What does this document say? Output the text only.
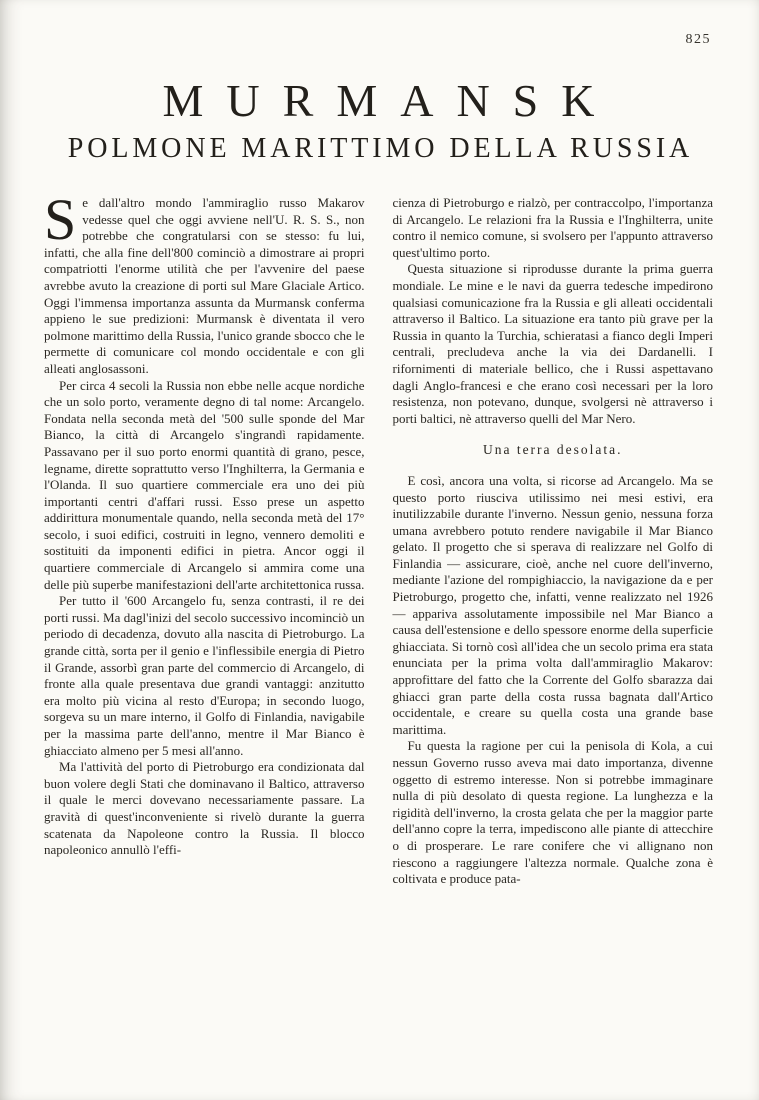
825
MURMANSK
POLMONE MARITTIMO DELLA RUSSIA

Se dall'altro mondo l'ammiraglio russo Makarov vedesse quel che oggi avviene nell'U. R. S. S., non potrebbe che congratularsi con se stesso: fu lui, infatti, che alla fine dell'800 cominciò a dimostrare ai propri compatriotti l'enorme utilità che per l'avvenire del paese avrebbe avuto la creazione di porti sul Mare Glaciale Artico. Oggi l'immensa importanza assunta da Murmansk conferma appieno le sue predizioni: Murmansk è diventata il vero polmone marittimo della Russia, l'unico grande sbocco che le permette di comunicare col mondo occidentale e con gli alleati anglosassoni.

Per circa 4 secoli la Russia non ebbe nelle acque nordiche che un solo porto, veramente degno di tal nome: Arcangelo. Fondata nella seconda metà del '500 sulle sponde del Mar Bianco, la città di Arcangelo s'ingrandì rapidamente. Passavano per il suo porto enormi quantità di grano, pesce, legname, dirette soprattutto verso l'Inghilterra, la Germania e l'Olanda. Il suo quartiere commerciale era uno dei più importanti centri d'affari russi. Esso prese un aspetto addirittura monumentale quando, nella seconda metà del 17° secolo, i suoi edifici, costruiti in legno, vennero demoliti e sostituiti da imponenti edifici in pietra. Ancor oggi il quartiere commerciale di Arcangelo si ammira come una delle più superbe manifestazioni dell'arte architettonica russa.

Per tutto il '600 Arcangelo fu, senza contrasti, il re dei porti russi. Ma dagl'inizi del secolo successivo incominciò un periodo di decadenza, dovuto alla nascita di Pietroburgo. La grande città, sorta per il genio e l'inflessibile energia di Pietro il Grande, assorbì gran parte del commercio di Arcangelo, di fronte alla quale presentava due grandi vantaggi: anzitutto era molto più vicina al resto d'Europa; in secondo luogo, sorgeva su un mare interno, il Golfo di Finlandia, navigabile per la massima parte dell'anno, mentre il Mar Bianco è ghiacciato almeno per 5 mesi all'anno.

Ma l'attività del porto di Pietroburgo era condizionata dal buon volere degli Stati che dominavano il Baltico, attraverso il quale le merci dovevano necessariamente passare. La gravità di quest'inconveniente si rivelò durante la guerra scatenata da Napoleone contro la Russia. Il blocco napoleonico annullò l'effi-

cienza di Pietroburgo e rialzò, per contraccolpo, l'importanza di Arcangelo. Le relazioni fra la Russia e l'Inghilterra, unite contro il nemico comune, si svolsero per l'appunto attraverso quest'ultimo porto.

Questa situazione si riprodusse durante la prima guerra mondiale. Le mine e le navi da guerra tedesche impedirono qualsiasi comunicazione fra la Russia e gli alleati occidentali attraverso il Baltico. La situazione era tanto più grave per la Russia in quanto la Turchia, schieratasi a fianco degli Imperi centrali, precludeva anche la via dei Dardanelli. I rifornimenti di materiale bellico, che i Russi aspettavano dagli Anglo-francesi e che erano così necessari per la loro resistenza, non potevano, dunque, svolgersi nè attraverso i porti baltici, nè attraverso quelli del Mar Nero.

Una terra desolata.

E così, ancora una volta, si ricorse ad Arcangelo. Ma se questo porto riusciva utilissimo nei mesi estivi, era inutilizzabile durante l'inverno. Nessun genio, nessuna forza umana avrebbero potuto rendere navigabile il Mar Bianco gelato. Il progetto che si sperava di realizzare nel Golfo di Finlandia — assicurare, cioè, anche nel cuore dell'inverno, mediante l'azione del rompighiaccio, la navigazione da e per Pietroburgo, progetto che, infatti, venne realizzato nel 1926 — appariva assolutamente impossibile nel Mar Bianco a causa dell'estensione e dello spessore enorme della superficie ghiacciata. Si tornò così all'idea che un secolo prima era stata enunciata per la prima volta dall'ammiraglio Makarov: approfittare del fatto che la Corrente del Golfo sbarazza dai ghiacci gran parte della costa russa bagnata dall'Artico occidentale, e creare su quella costa una grande base marittima.

Fu questa la ragione per cui la penisola di Kola, a cui nessun Governo russo aveva mai dato importanza, divenne oggetto di estremo interesse. Non si potrebbe immaginare nulla di più desolato di questa regione. La lunghezza e la rigidità dell'inverno, la crosta gelata che per la maggior parte dell'anno copre la terra, impediscono alle piante di attecchire o di prosperare. Le rare conifere che vi allignano non riescono a raggiungere l'altezza normale. Qualche zona è coltivata e produce pata-
